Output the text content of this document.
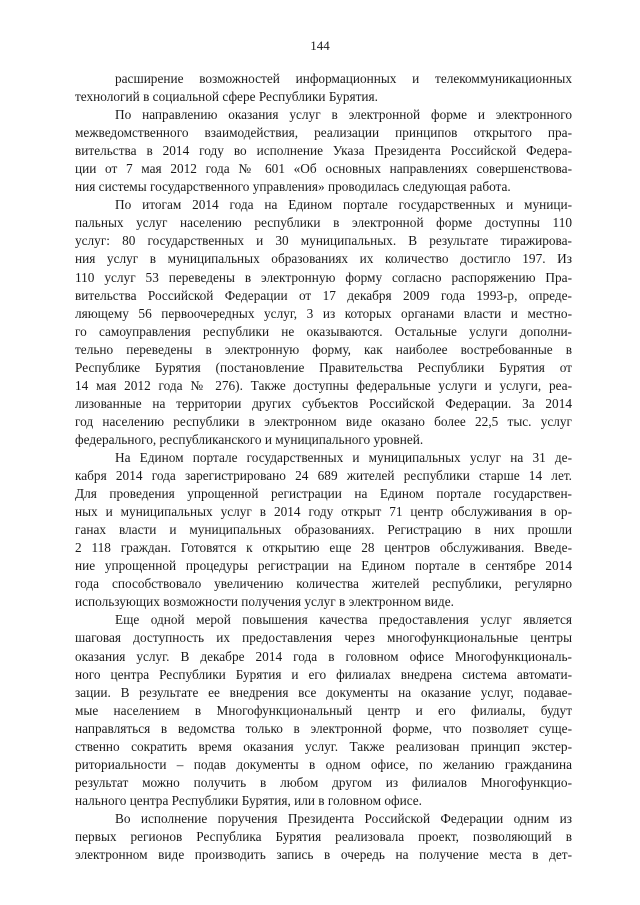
144

расширение возможностей информационных и телекоммуникационных
технологий в социальной сфере Республики Бурятия.

По направлению оказания услуг в электронной форме и электронного
межведомственного взаимодействия, реализации принципов открытого пра-
вительства в 2014 году во исполнение Указа Президента Российской Федера-
ции от 7 мая 2012 года № 601 «Об основных направлениях совершенствова-
ния системы государственного управления» проводилась следующая работа.

По итогам 2014 года на Едином портале государственных и муници-
пальных услуг населению республики в электронной форме доступны 110
услуг: 80 государственных и 30 муниципальных. В результате тиражирова-
ния услуг в муниципальных образованиях их количество достигло 197. Из
110 услуг 53 переведены в электронную форму согласно распоряжению Пра-
вительства Российской Федерации от 17 декабря 2009 года 1993-р, опреде-
ляющему 56 первоочередных услуг, 3 из которых органами власти и местно-
го самоуправления республики не оказываются. Остальные услуги дополни-
тельно переведены в электронную форму, как наиболее востребованные в
Республике Бурятия (постановление Правительства Республики Бурятия от
14 мая 2012 года № 276). Также доступны федеральные услуги и услуги, реа-
лизованные на территории других субъектов Российской Федерации. За 2014
год населению республики в электронном виде оказано более 22,5 тыс. услуг
федерального, республиканского и муниципального уровней.

На Едином портале государственных и муниципальных услуг на 31 де-
кабря 2014 года зарегистрировано 24 689 жителей республики старше 14 лет.
Для проведения упрощенной регистрации на Едином портале государствен-
ных и муниципальных услуг в 2014 году открыт 71 центр обслуживания в ор-
ганах власти и муниципальных образованиях. Регистрацию в них прошли
2 118 граждан. Готовятся к открытию еще 28 центров обслуживания. Введе-
ние упрощенной процедуры регистрации на Едином портале в сентябре 2014
года способствовало увеличению количества жителей республики, регулярно
использующих возможности получения услуг в электронном виде.

Еще одной мерой повышения качества предоставления услуг является
шаговая доступность их предоставления через многофункциональные центры
оказания услуг. В декабре 2014 года в головном офисе Многофункциональ-
ного центра Республики Бурятия и его филиалах внедрена система автомати-
зации. В результате ее внедрения все документы на оказание услуг, подавае-
мые населением в Многофункциональный центр и его филиалы, будут
направляться в ведомства только в электронной форме, что позволяет суще-
ственно сократить время оказания услуг. Также реализован принцип экстер-
риториальности – подав документы в одном офисе, по желанию гражданина
результат можно получить в любом другом из филиалов Многофункцио-
нального центра Республики Бурятия, или в головном офисе.

Во исполнение поручения Президента Российской Федерации одним из
первых регионов Республика Бурятия реализовала проект, позволяющий в
электронном виде производить запись в очередь на получение места в дет-
